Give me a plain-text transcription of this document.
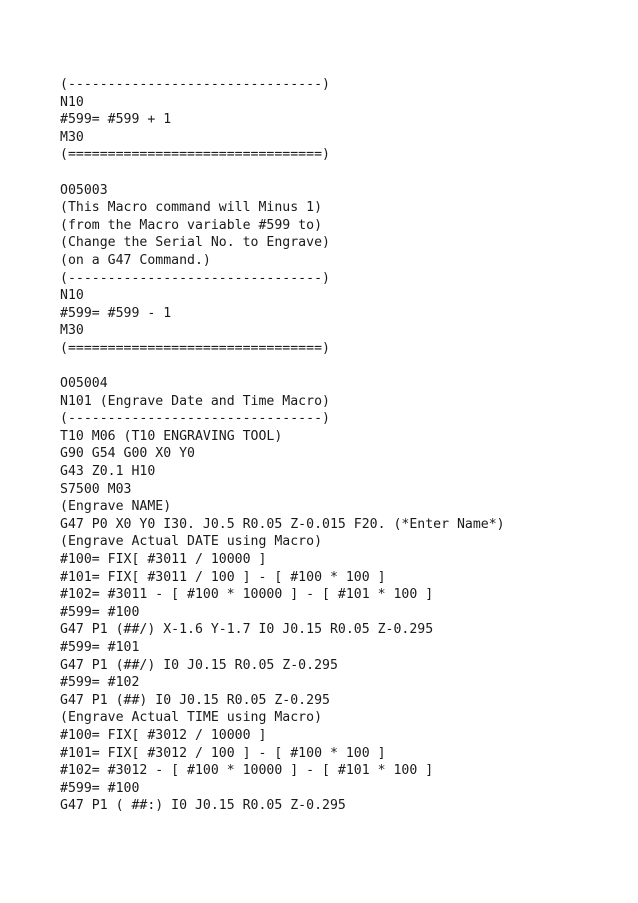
(--------------------------------)
N10
#599= #599 + 1
M30
(================================)
O05003
(This Macro command will Minus 1)
(from the Macro variable #599 to)
(Change the Serial No. to Engrave)
(on a G47 Command.)
(--------------------------------)
N10
#599= #599 - 1
M30
(================================)
O05004
N101 (Engrave Date and Time Macro)
(--------------------------------)
T10 M06 (T10 ENGRAVING TOOL)
G90 G54 G00 X0 Y0
G43 Z0.1 H10
S7500 M03
(Engrave NAME)
G47 P0 X0 Y0 I30. J0.5 R0.05 Z-0.015 F20. (*Enter Name*)
(Engrave Actual DATE using Macro)
#100= FIX[ #3011 / 10000 ]
#101= FIX[ #3011 / 100 ] - [ #100 * 100 ]
#102= #3011 - [ #100 * 10000 ] - [ #101 * 100 ]
#599= #100
G47 P1 (##/) X-1.6 Y-1.7 I0 J0.15 R0.05 Z-0.295
#599= #101
G47 P1 (##/) I0 J0.15 R0.05 Z-0.295
#599= #102
G47 P1 (##) I0 J0.15 R0.05 Z-0.295
(Engrave Actual TIME using Macro)
#100= FIX[ #3012 / 10000 ]
#101= FIX[ #3012 / 100 ] - [ #100 * 100 ]
#102= #3012 - [ #100 * 10000 ] - [ #101 * 100 ]
#599= #100
G47 P1 ( ##:) I0 J0.15 R0.05 Z-0.295
